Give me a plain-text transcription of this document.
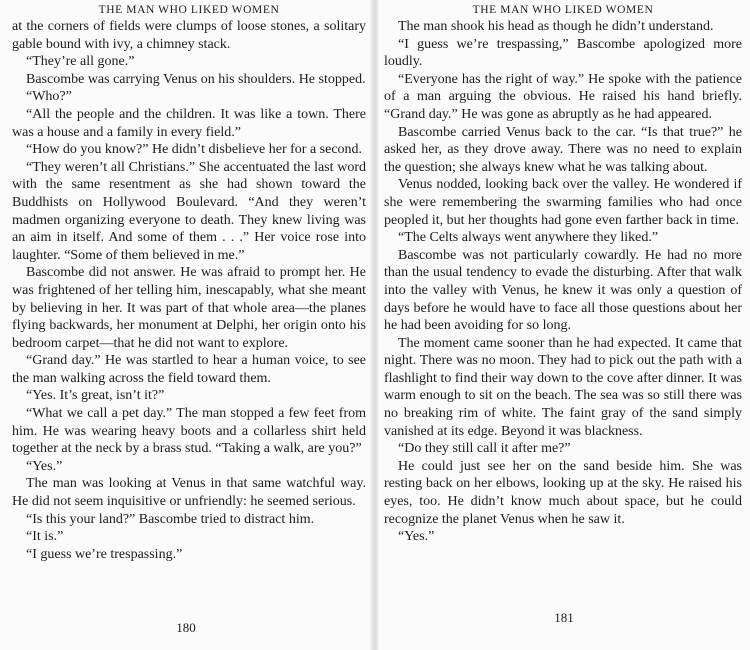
THE MAN WHO LIKED WOMEN

at the corners of fields were clumps of loose stones, a solitary gable bound with ivy, a chimney stack.

“They’re all gone.”

Bascombe was carrying Venus on his shoulders. He stopped.

“Who?”

“All the people and the children. It was like a town. There was a house and a family in every field.”

“How do you know?” He didn’t disbelieve her for a second.

“They weren’t all Christians.” She accentuated the last word with the same resentment as she had shown toward the Buddhists on Hollywood Boulevard. “And they weren’t madmen organizing everyone to death. They knew living was an aim in itself. And some of them . . .” Her voice rose into laughter. “Some of them believed in me.”

Bascombe did not answer. He was afraid to prompt her. He was frightened of her telling him, inescapably, what she meant by believing in her. It was part of that whole area—the planes flying backwards, her monument at Delphi, her origin onto his bedroom carpet—that he did not want to explore.

“Grand day.” He was startled to hear a human voice, to see the man walking across the field toward them.

“Yes. It’s great, isn’t it?”

“What we call a pet day.” The man stopped a few feet from him. He was wearing heavy boots and a collarless shirt held together at the neck by a brass stud. “Taking a walk, are you?”

“Yes.”

The man was looking at Venus in that same watchful way. He did not seem inquisitive or unfriendly: he seemed serious.

“Is this your land?” Bascombe tried to distract him.

“It is.”

“I guess we’re trespassing.”

180
THE MAN WHO LIKED WOMEN

The man shook his head as though he didn’t understand.

“I guess we’re trespassing,” Bascombe apologized more loudly.

“Everyone has the right of way.” He spoke with the patience of a man arguing the obvious. He raised his hand briefly. “Grand day.” He was gone as abruptly as he had appeared.

Bascombe carried Venus back to the car. “Is that true?” he asked her, as they drove away. There was no need to explain the question; she always knew what he was talking about.

Venus nodded, looking back over the valley. He wondered if she were remembering the swarming families who had once peopled it, but her thoughts had gone even farther back in time.

“The Celts always went anywhere they liked.”

Bascombe was not particularly cowardly. He had no more than the usual tendency to evade the disturbing. After that walk into the valley with Venus, he knew it was only a question of days before he would have to face all those questions about her he had been avoiding for so long.

The moment came sooner than he had expected. It came that night. There was no moon. They had to pick out the path with a flashlight to find their way down to the cove after dinner. It was warm enough to sit on the beach. The sea was so still there was no breaking rim of white. The faint gray of the sand simply vanished at its edge. Beyond it was blackness.

“Do they still call it after me?”

He could just see her on the sand beside him. She was resting back on her elbows, looking up at the sky. He raised his eyes, too. He didn’t know much about space, but he could recognize the planet Venus when he saw it.

“Yes.”

181
